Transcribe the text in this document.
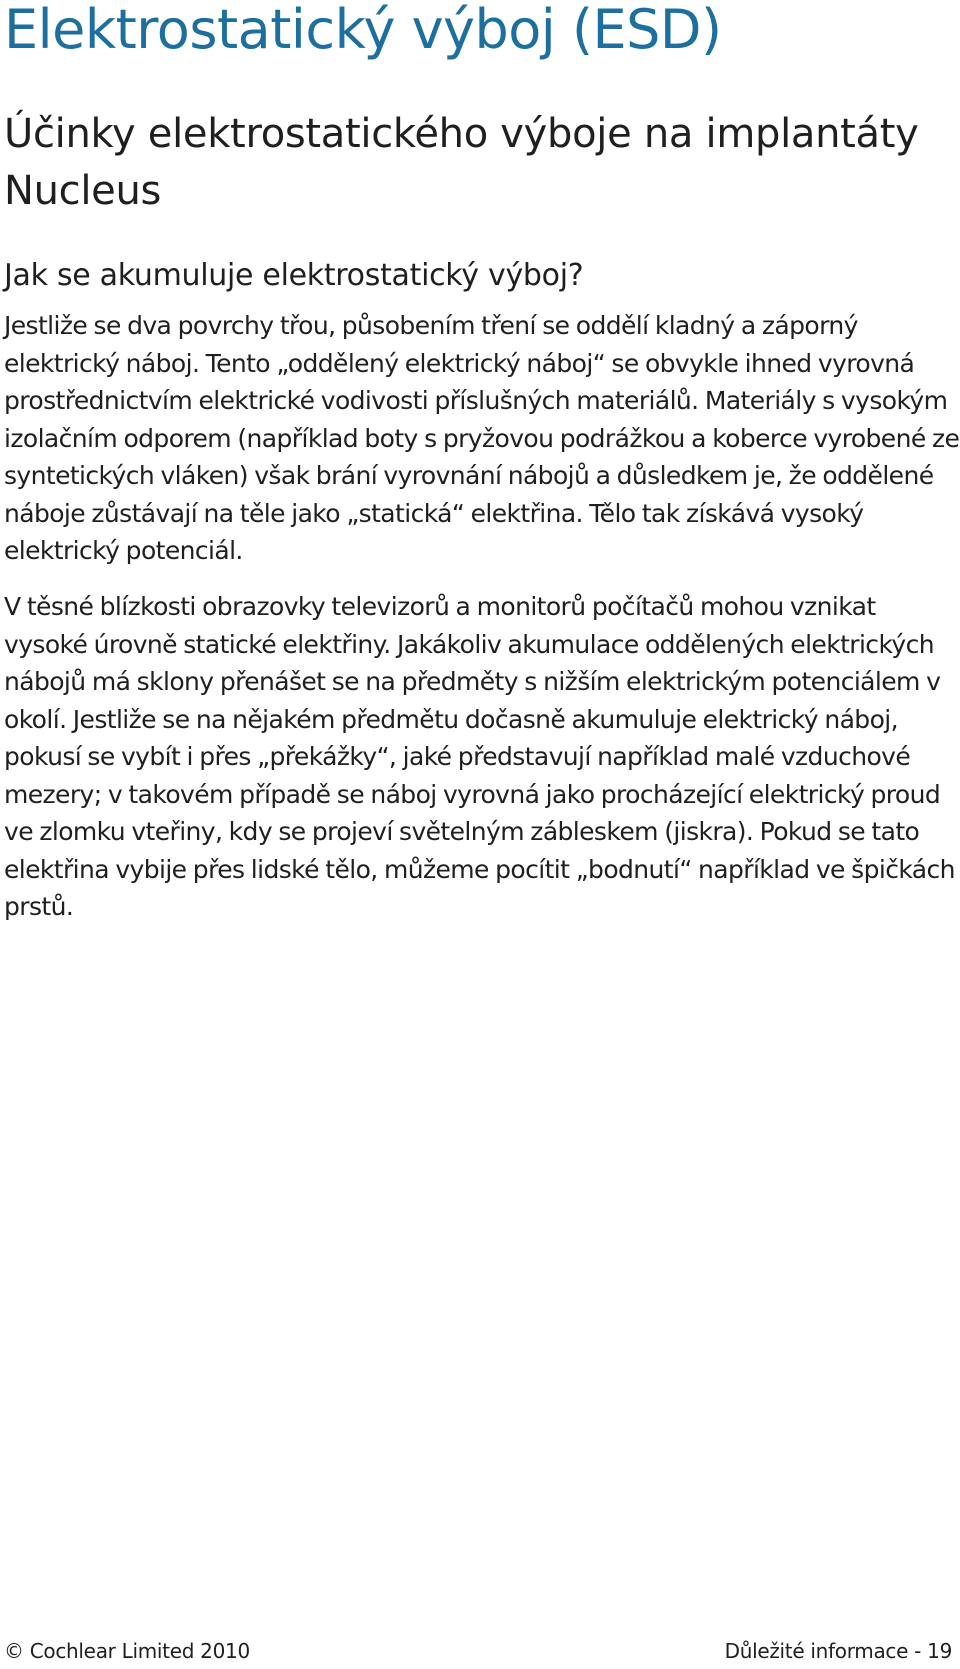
Elektrostatický výboj (ESD)
Účinky elektrostatického výboje na implantáty Nucleus
Jak se akumuluje elektrostatický výboj?

Jestliže se dva povrchy třou, působením tření se oddělí kladný a záporný elektrický náboj. Tento „oddělený elektrický náboj“ se obvykle ihned vyrovná prostřednictvím elektrické vodivosti příslušných materiálů. Materiály s vysokým izolačním odporem (například boty s pryžovou podrážkou a koberce vyrobené ze syntetických vláken) však brání vyrovnání nábojů a důsledkem je, že oddělené náboje zůstávají na těle jako „statická“ elektřina. Tělo tak získává vysoký elektrický potenciál.

V těsné blízkosti obrazovky televizorů a monitorů počítačů mohou vznikat vysoké úrovně statické elektřiny. Jakákoliv akumulace oddělených elektrických nábojů má sklony přenášet se na předměty s nižším elektrickým potenciálem v okolí. Jestliže se na nějakém předmětu dočasně akumuluje elektrický náboj, pokusí se vybít i přes „překážky“, jaké představují například malé vzduchové mezery; v takovém případě se náboj vyrovná jako procházející elektrický proud ve zlomku vteřiny, kdy se projeví světelným zábleskem (jiskra). Pokud se tato elektřina vybije přes lidské tělo, můžeme pocítit „bodnutí“ například ve špičkách prstů.

© Cochlear Limited 2010	Důležité informace - 19
